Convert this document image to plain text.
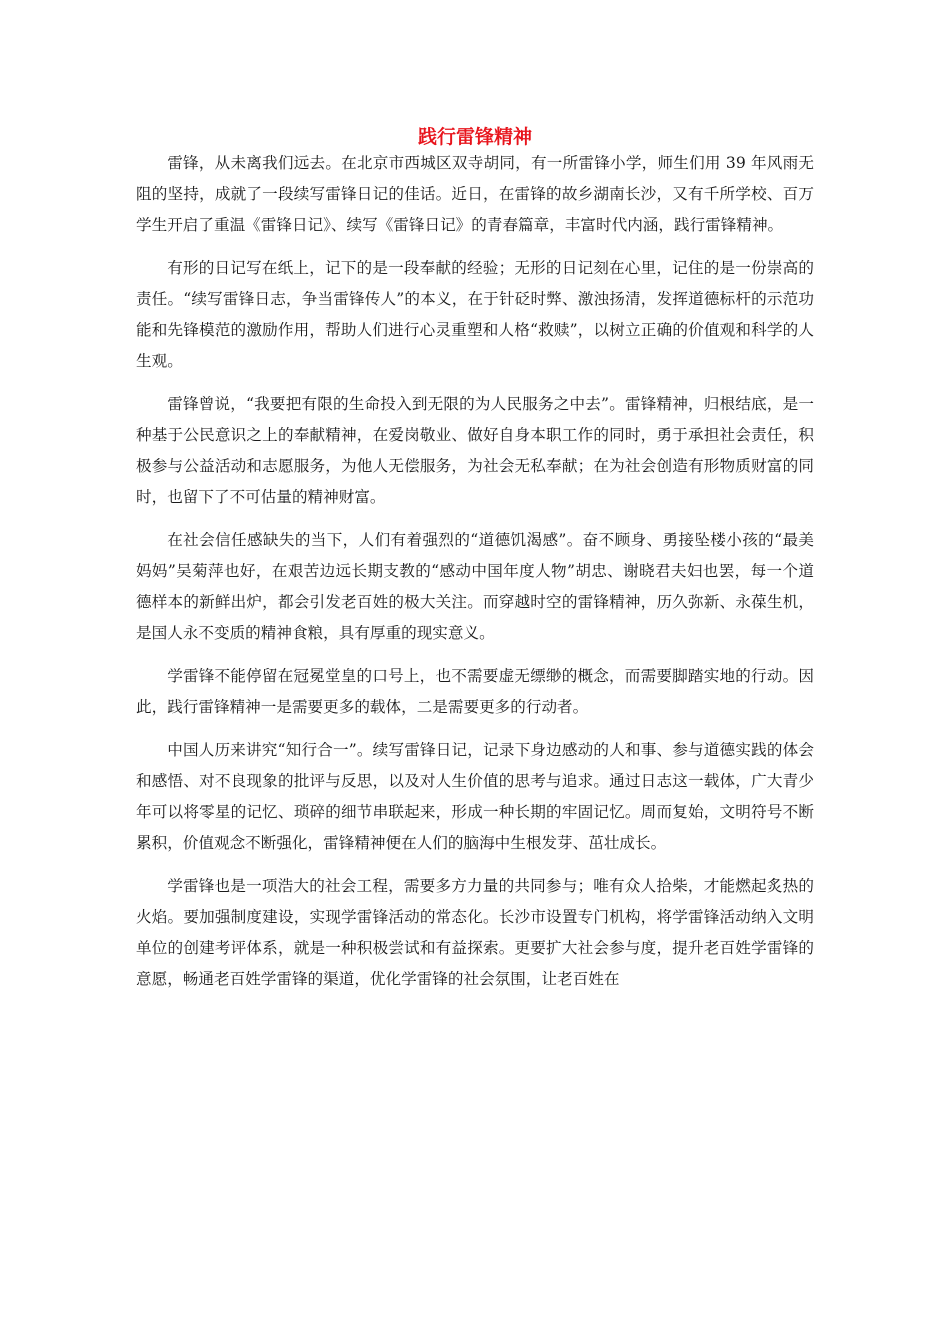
践行雷锋精神

雷锋，从未离我们远去。在北京市西城区双寺胡同，有一所雷锋小学，师生们用 39 年风雨无阻的坚持，成就了一段续写雷锋日记的佳话。近日，在雷锋的故乡湖南长沙，又有千所学校、百万学生开启了重温《雷锋日记》、续写《雷锋日记》的青春篇章，丰富时代内涵，践行雷锋精神。

有形的日记写在纸上，记下的是一段奉献的经验；无形的日记刻在心里，记住的是一份崇高的责任。“续写雷锋日志，争当雷锋传人”的本义，在于针砭时弊、激浊扬清，发挥道德标杆的示范功能和先锋模范的激励作用，帮助人们进行心灵重塑和人格“救赎”，以树立正确的价值观和科学的人生观。

雷锋曾说，“我要把有限的生命投入到无限的为人民服务之中去”。雷锋精神，归根结底，是一种基于公民意识之上的奉献精神，在爱岗敬业、做好自身本职工作的同时，勇于承担社会责任，积极参与公益活动和志愿服务，为他人无偿服务，为社会无私奉献；在为社会创造有形物质财富的同时，也留下了不可估量的精神财富。

在社会信任感缺失的当下，人们有着强烈的“道德饥渴感”。奋不顾身、勇接坠楼小孩的“最美妈妈”吴菊萍也好，在艰苦边远长期支教的“感动中国年度人物”胡忠、谢晓君夫妇也罢，每一个道德样本的新鲜出炉，都会引发老百姓的极大关注。而穿越时空的雷锋精神，历久弥新、永葆生机，是国人永不变质的精神食粮，具有厚重的现实意义。

学雷锋不能停留在冠冕堂皇的口号上，也不需要虚无缥缈的概念，而需要脚踏实地的行动。因此，践行雷锋精神一是需要更多的载体，二是需要更多的行动者。

中国人历来讲究“知行合一”。续写雷锋日记，记录下身边感动的人和事、参与道德实践的体会和感悟、对不良现象的批评与反思，以及对人生价值的思考与追求。通过日志这一载体，广大青少年可以将零星的记忆、琐碎的细节串联起来，形成一种长期的牢固记忆。周而复始，文明符号不断累积，价值观念不断强化，雷锋精神便在人们的脑海中生根发芽、茁壮成长。

学雷锋也是一项浩大的社会工程，需要多方力量的共同参与；唯有众人拾柴，才能燃起炙热的火焰。要加强制度建设，实现学雷锋活动的常态化。长沙市设置专门机构，将学雷锋活动纳入文明单位的创建考评体系，就是一种积极尝试和有益探索。更要扩大社会参与度，提升老百姓学雷锋的意愿，畅通老百姓学雷锋的渠道，优化学雷锋的社会氛围，让老百姓在
